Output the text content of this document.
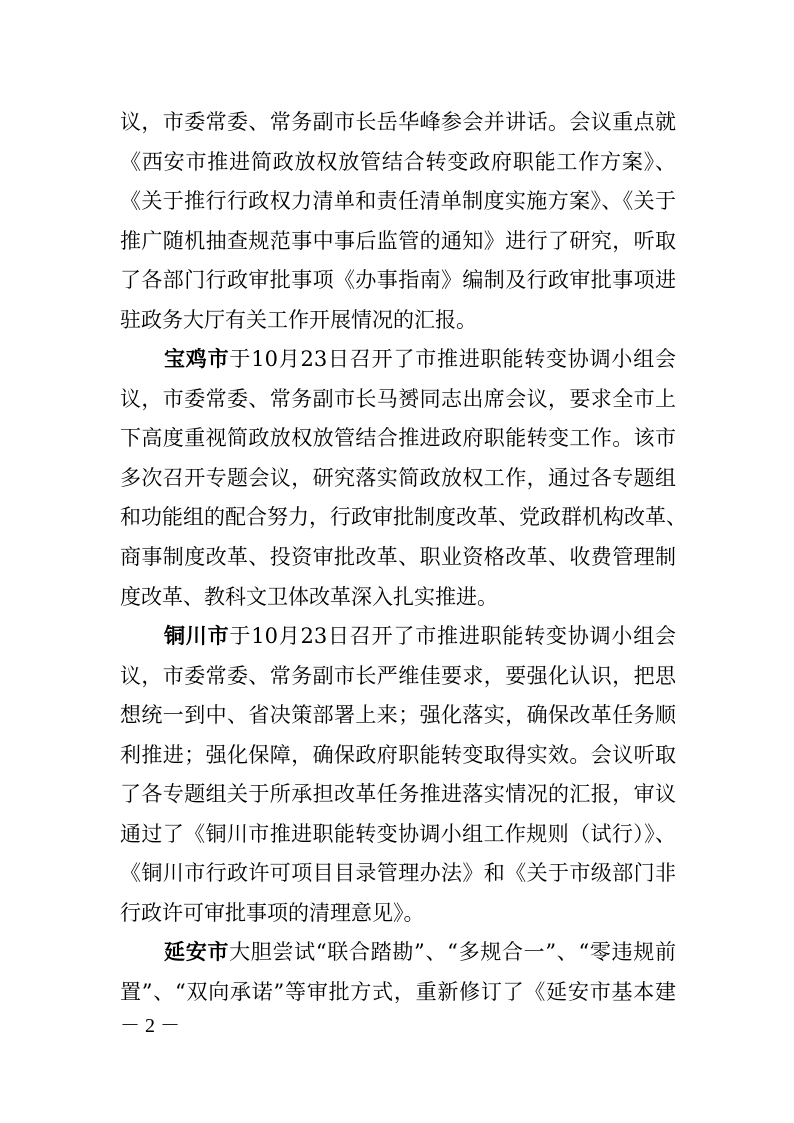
议，市委常委、常务副市长岳华峰参会并讲话。会议重点就
《西安市推进简政放权放管结合转变政府职能工作方案》、
《关于推行行政权力清单和责任清单制度实施方案》、《关于
推广随机抽查规范事中事后监管的通知》进行了研究，听取
了各部门行政审批事项《办事指南》编制及行政审批事项进
驻政务大厅有关工作开展情况的汇报。
宝鸡市于10月23日召开了市推进职能转变协调小组会
议，市委常委、常务副市长马赟同志出席会议，要求全市上
下高度重视简政放权放管结合推进政府职能转变工作。该市
多次召开专题会议，研究落实简政放权工作，通过各专题组
和功能组的配合努力，行政审批制度改革、党政群机构改革、
商事制度改革、投资审批改革、职业资格改革、收费管理制
度改革、教科文卫体改革深入扎实推进。
铜川市于10月23日召开了市推进职能转变协调小组会
议，市委常委、常务副市长严维佳要求，要强化认识，把思
想统一到中、省决策部署上来；强化落实，确保改革任务顺
利推进；强化保障，确保政府职能转变取得实效。会议听取
了各专题组关于所承担改革任务推进落实情况的汇报，审议
通过了《铜川市推进职能转变协调小组工作规则（试行）》、
《铜川市行政许可项目目录管理办法》和《关于市级部门非
行政许可审批事项的清理意见》。
延安市大胆尝试“联合踏勘”、“多规合一”、“零违规前
置”、“双向承诺”等审批方式，重新修订了《延安市基本建
－ 2 －
